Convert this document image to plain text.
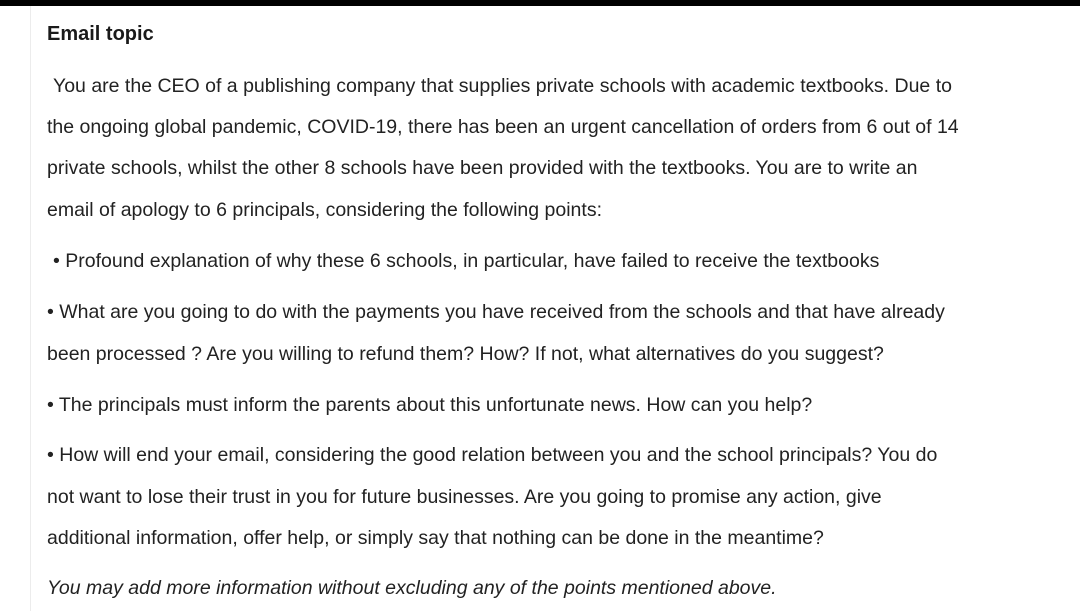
Email topic
You are the CEO of a publishing company that supplies private schools with academic textbooks. Due to
the ongoing global pandemic, COVID-19, there has been an urgent cancellation of orders from 6 out of 14
private schools, whilst the other 8 schools have been provided with the textbooks. You are to write an
email of apology to 6 principals, considering the following points:
• Profound explanation of why these 6 schools, in particular, have failed to receive the textbooks
• What are you going to do with the payments you have received from the schools and that have already
been processed ? Are you willing to refund them? How? If not, what alternatives do you suggest?
• The principals must inform the parents about this unfortunate news. How can you help?
• How will end your email, considering the good relation between you and the school principals? You do
not want to lose their trust in you for future businesses. Are you going to promise any action, give
additional information, offer help, or simply say that nothing can be done in the meantime?
You may add more information without excluding any of the points mentioned above.
